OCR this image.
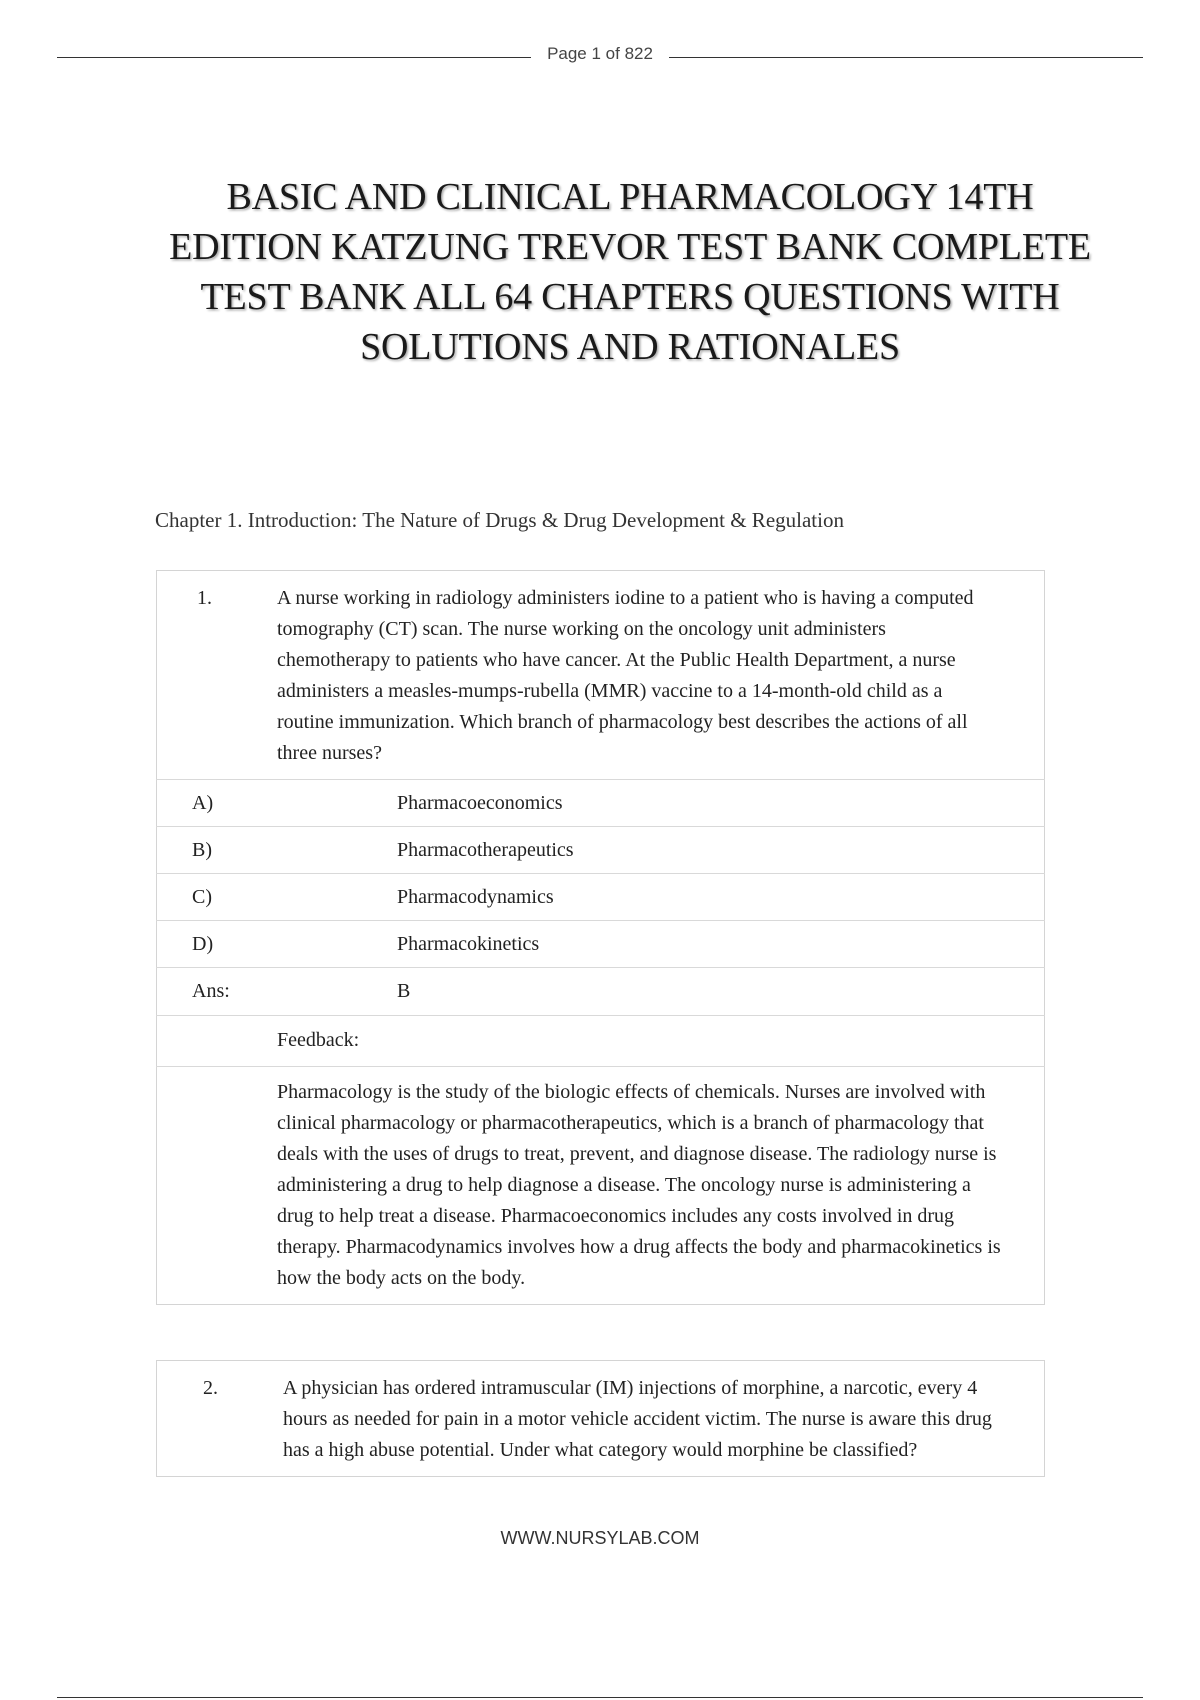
Page 1 of 822
BASIC AND CLINICAL PHARMACOLOGY 14TH
EDITION KATZUNG TREVOR TEST BANK COMPLETE
TEST BANK ALL 64 CHAPTERS QUESTIONS WITH
SOLUTIONS AND RATIONALES
Chapter 1. Introduction: The Nature of Drugs & Drug Development & Regulation
1. A nurse working in radiology administers iodine to a patient who is having a computed tomography (CT) scan. The nurse working on the oncology unit administers chemotherapy to patients who have cancer. At the Public Health Department, a nurse administers a measles-mumps-rubella (MMR) vaccine to a 14-month-old child as a routine immunization. Which branch of pharmacology best describes the actions of all three nurses?	
A)	Pharmacoeconomics
B)	Pharmacotherapeutics
C)	Pharmacodynamics
D)	Pharmacokinetics
Ans:	B
Feedback:	
Pharmacology is the study of the biologic effects of chemicals. Nurses are involved with clinical pharmacology or pharmacotherapeutics, which is a branch of pharmacology that deals with the uses of drugs to treat, prevent, and diagnose disease. The radiology nurse is administering a drug to help diagnose a disease. The oncology nurse is administering a drug to help treat a disease. Pharmacoeconomics includes any costs involved in drug therapy. Pharmacodynamics involves how a drug affects the body and pharmacokinetics is how the body acts on the body.	
2.	A physician has ordered intramuscular (IM) injections of morphine, a narcotic, every 4 hours as needed for pain in a motor vehicle accident victim. The nurse is aware this drug has a high abuse potential. Under what category would morphine be classified?
WWW.NURSYLAB.COM
